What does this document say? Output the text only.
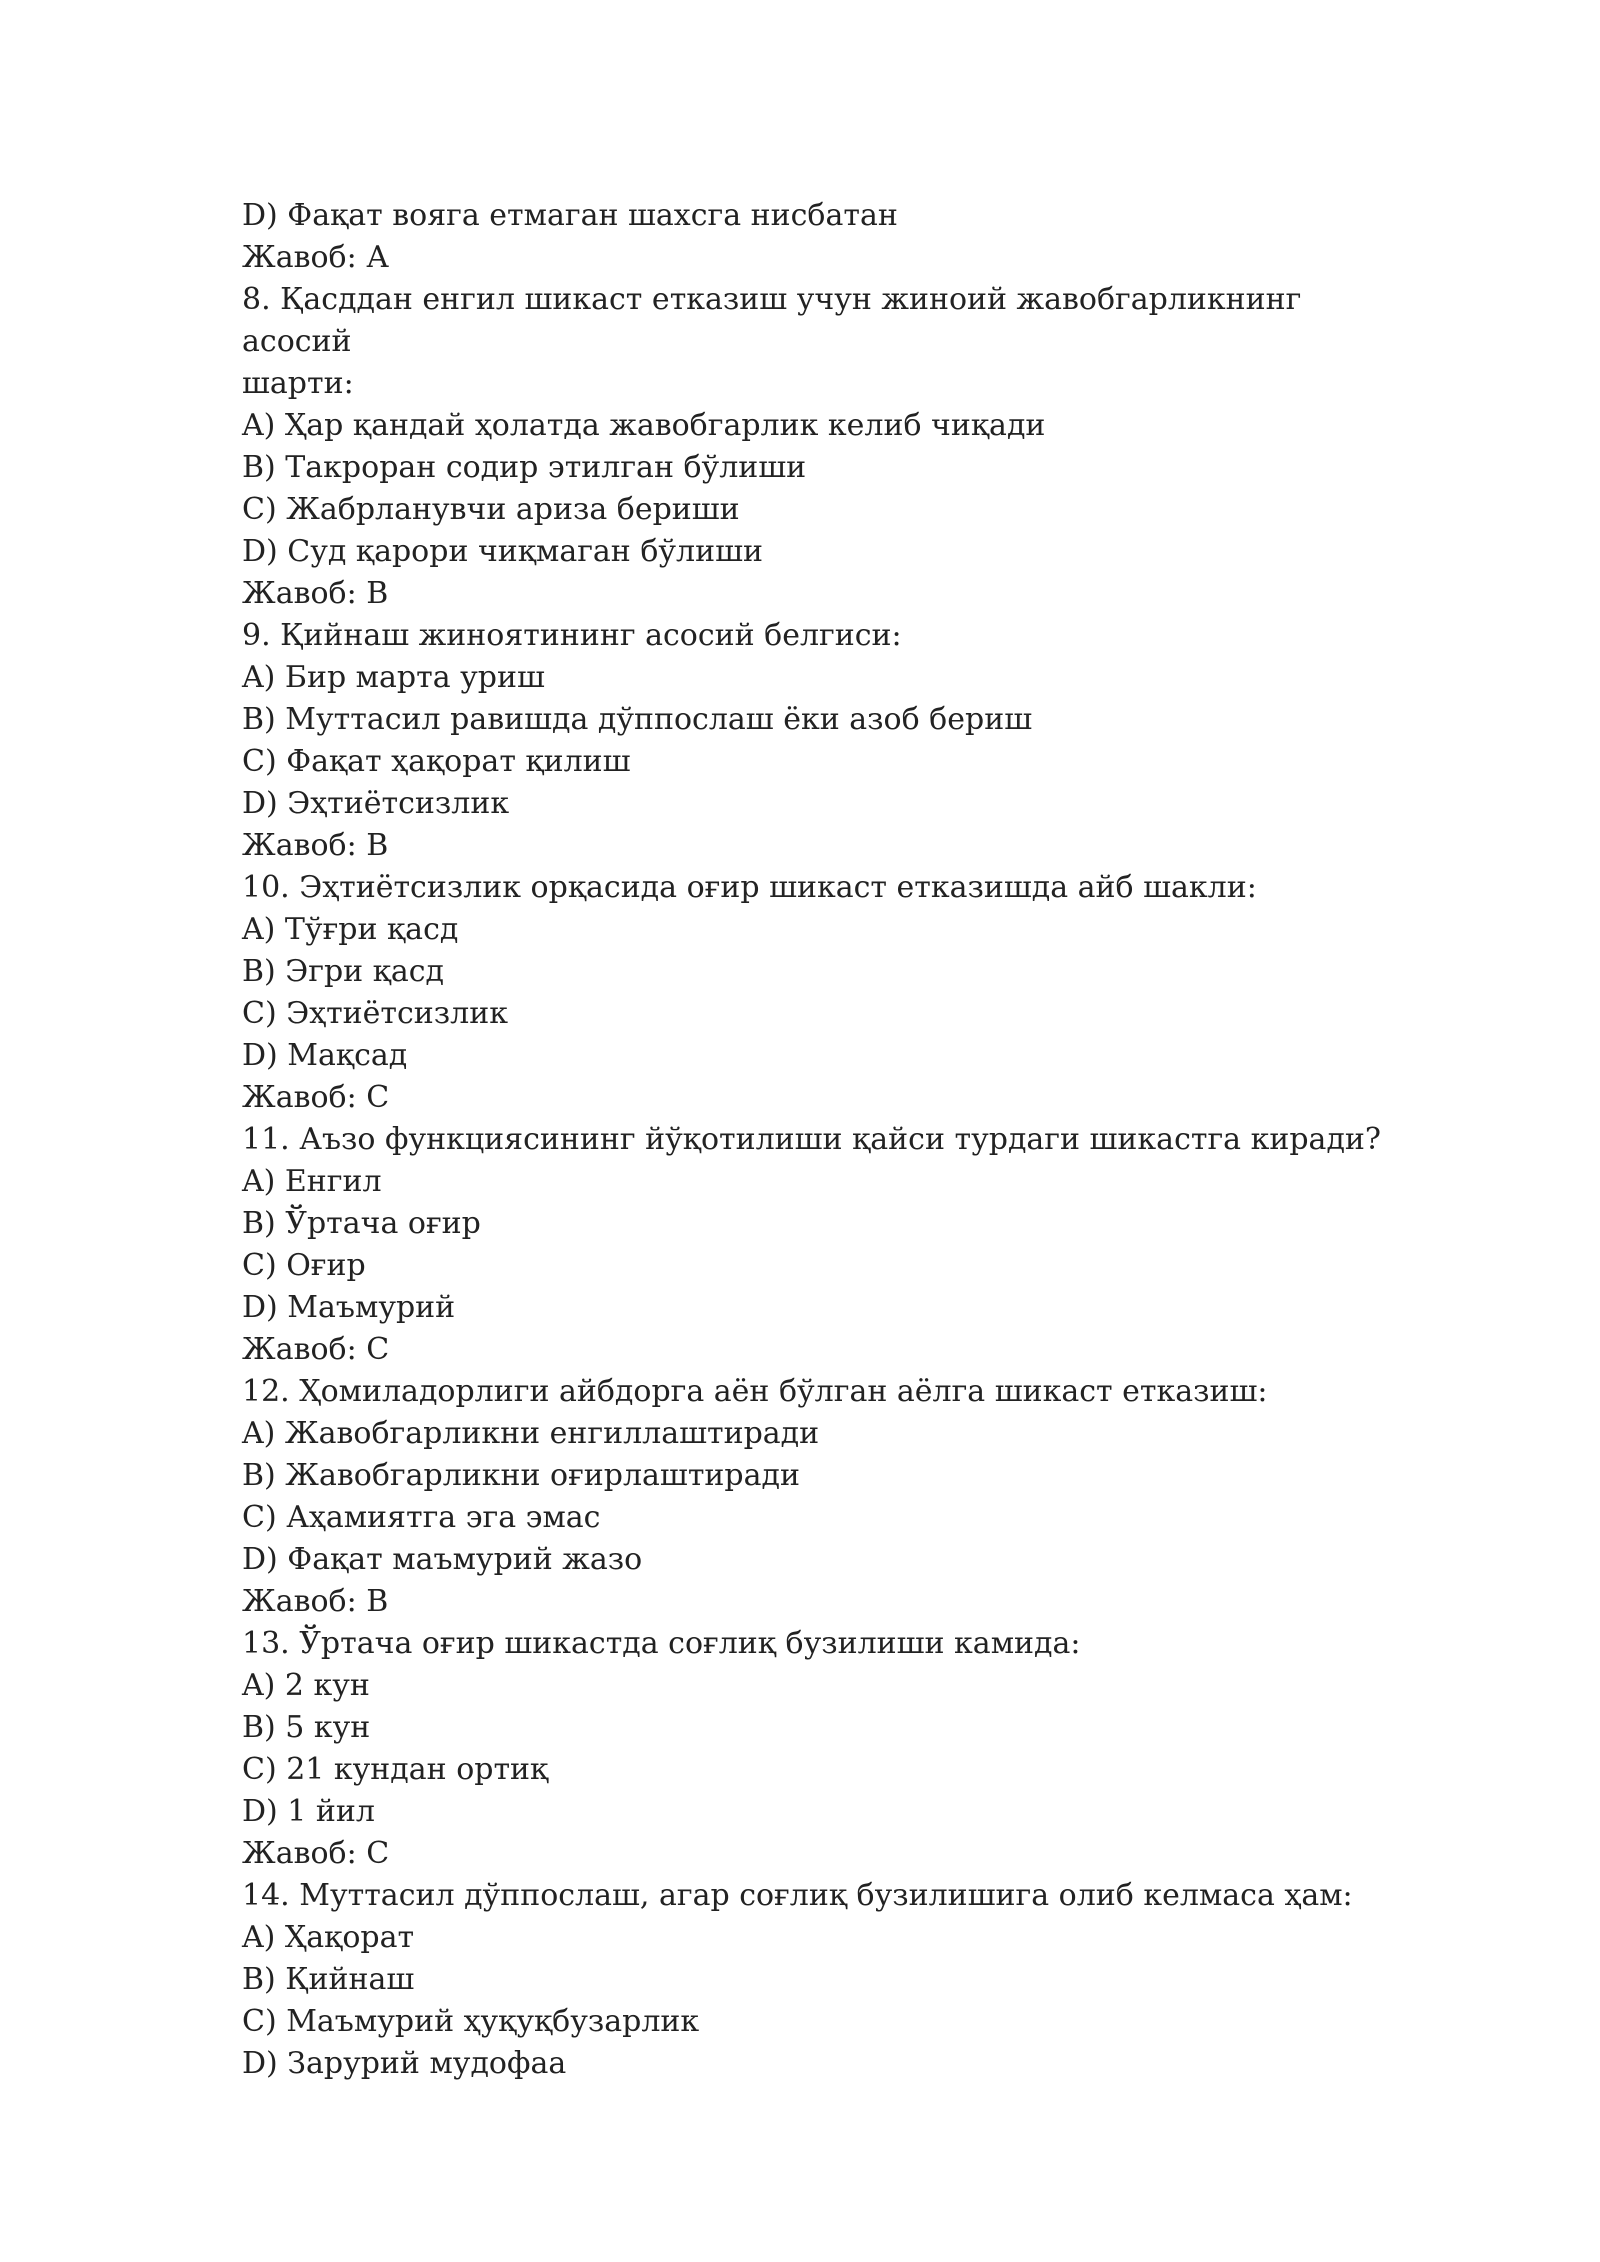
D) Фақат вояга етмаган шахсга нисбатан
Жавоб: А
8. Қасддан енгил шикаст етказиш учун жиноий жавобгарликнинг асосий
шарти:
A) Ҳар қандай ҳолатда жавобгарлик келиб чиқади
B) Такроран содир этилган бўлиши
C) Жабрланувчи ариза бериши
D) Суд қарори чиқмаган бўлиши
Жавоб: B
9. Қийнаш жиноятининг асосий белгиси:
A) Бир марта уриш
B) Муттасил равишда дўппослаш ёки азоб бериш
C) Фақат ҳақорат қилиш
D) Эҳтиётсизлик
Жавоб: B
10. Эҳтиётсизлик орқасида оғир шикаст етказишда айб шакли:
A) Тўғри қасд
B) Эгри қасд
C) Эҳтиётсизлик
D) Мақсад
Жавоб: C
11. Аъзо функциясининг йўқотилиши қайси турдаги шикастга киради?
A) Енгил
B) Ўртача оғир
C) Оғир
D) Маъмурий
Жавоб: C
12. Ҳомиладорлиги айбдорга аён бўлган аёлга шикаст етказиш:
A) Жавобгарликни енгиллаштиради
B) Жавобгарликни оғирлаштиради
C) Аҳамиятга эга эмас
D) Фақат маъмурий жазо
Жавоб: B
13. Ўртача оғир шикастда соғлиқ бузилиши камида:
A) 2 кун
B) 5 кун
C) 21 кундан ортиқ
D) 1 йил
Жавоб: C
14. Муттасил дўппослаш, агар соғлиқ бузилишига олиб келмаса ҳам:
A) Ҳақорат
B) Қийнаш
C) Маъмурий ҳуқуқбузарлик
D) Зарурий мудофаа
